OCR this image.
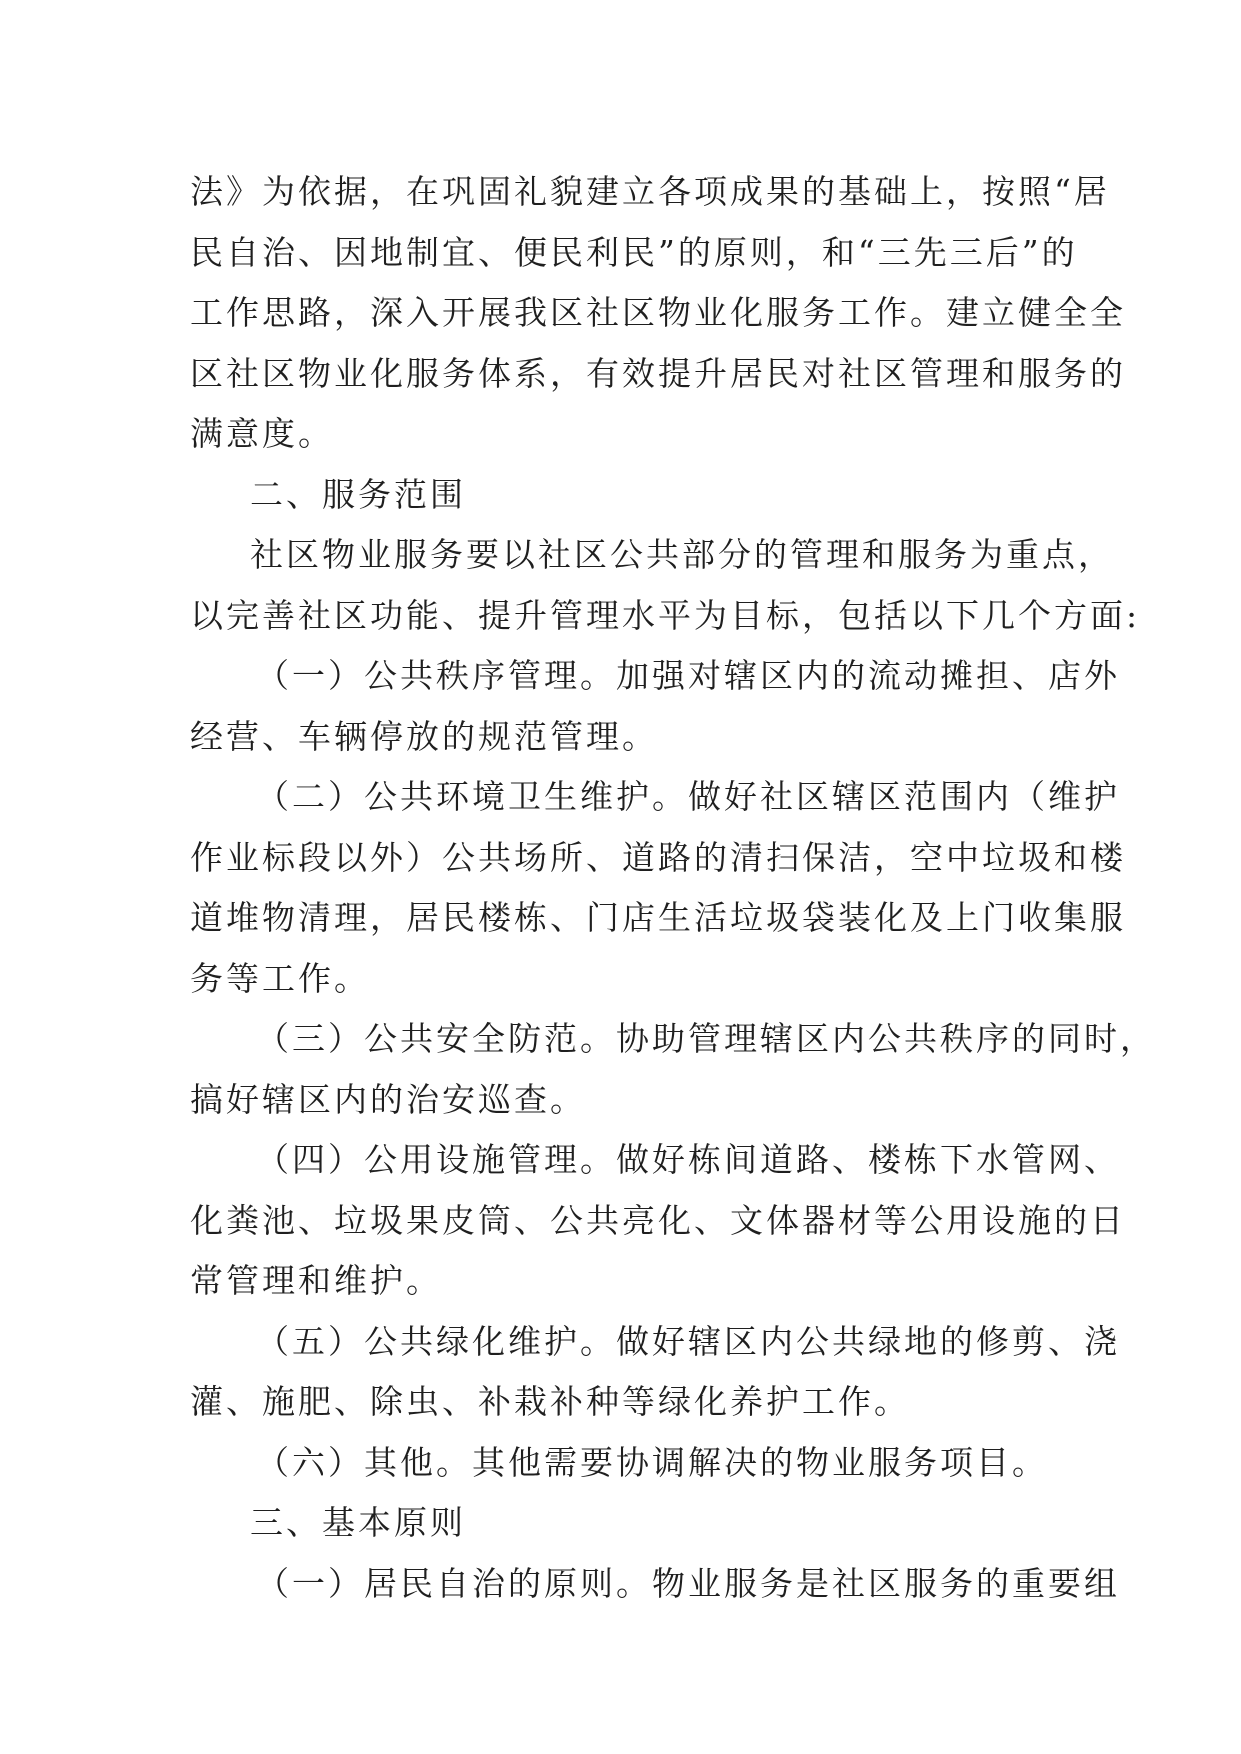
法》为依据，在巩固礼貌建立各项成果的基础上，按照“居
民自治、因地制宜、便民利民”的原则，和“三先三后”的
工作思路，深入开展我区社区物业化服务工作。建立健全全
区社区物业化服务体系，有效提升居民对社区管理和服务的
满意度。
二、服务范围
社区物业服务要以社区公共部分的管理和服务为重点，
以完善社区功能、提升管理水平为目标，包括以下几个方面:
（一）公共秩序管理。加强对辖区内的流动摊担、店外
经营、车辆停放的规范管理。
（二）公共环境卫生维护。做好社区辖区范围内（维护
作业标段以外）公共场所、道路的清扫保洁，空中垃圾和楼
道堆物清理，居民楼栋、门店生活垃圾袋装化及上门收集服
务等工作。
（三）公共安全防范。协助管理辖区内公共秩序的同时，
搞好辖区内的治安巡查。
（四）公用设施管理。做好栋间道路、楼栋下水管网、
化粪池、垃圾果皮筒、公共亮化、文体器材等公用设施的日
常管理和维护。
（五）公共绿化维护。做好辖区内公共绿地的修剪、浇
灌、施肥、除虫、补栽补种等绿化养护工作。
（六）其他。其他需要协调解决的物业服务项目。
三、基本原则
（一）居民自治的原则。物业服务是社区服务的重要组
